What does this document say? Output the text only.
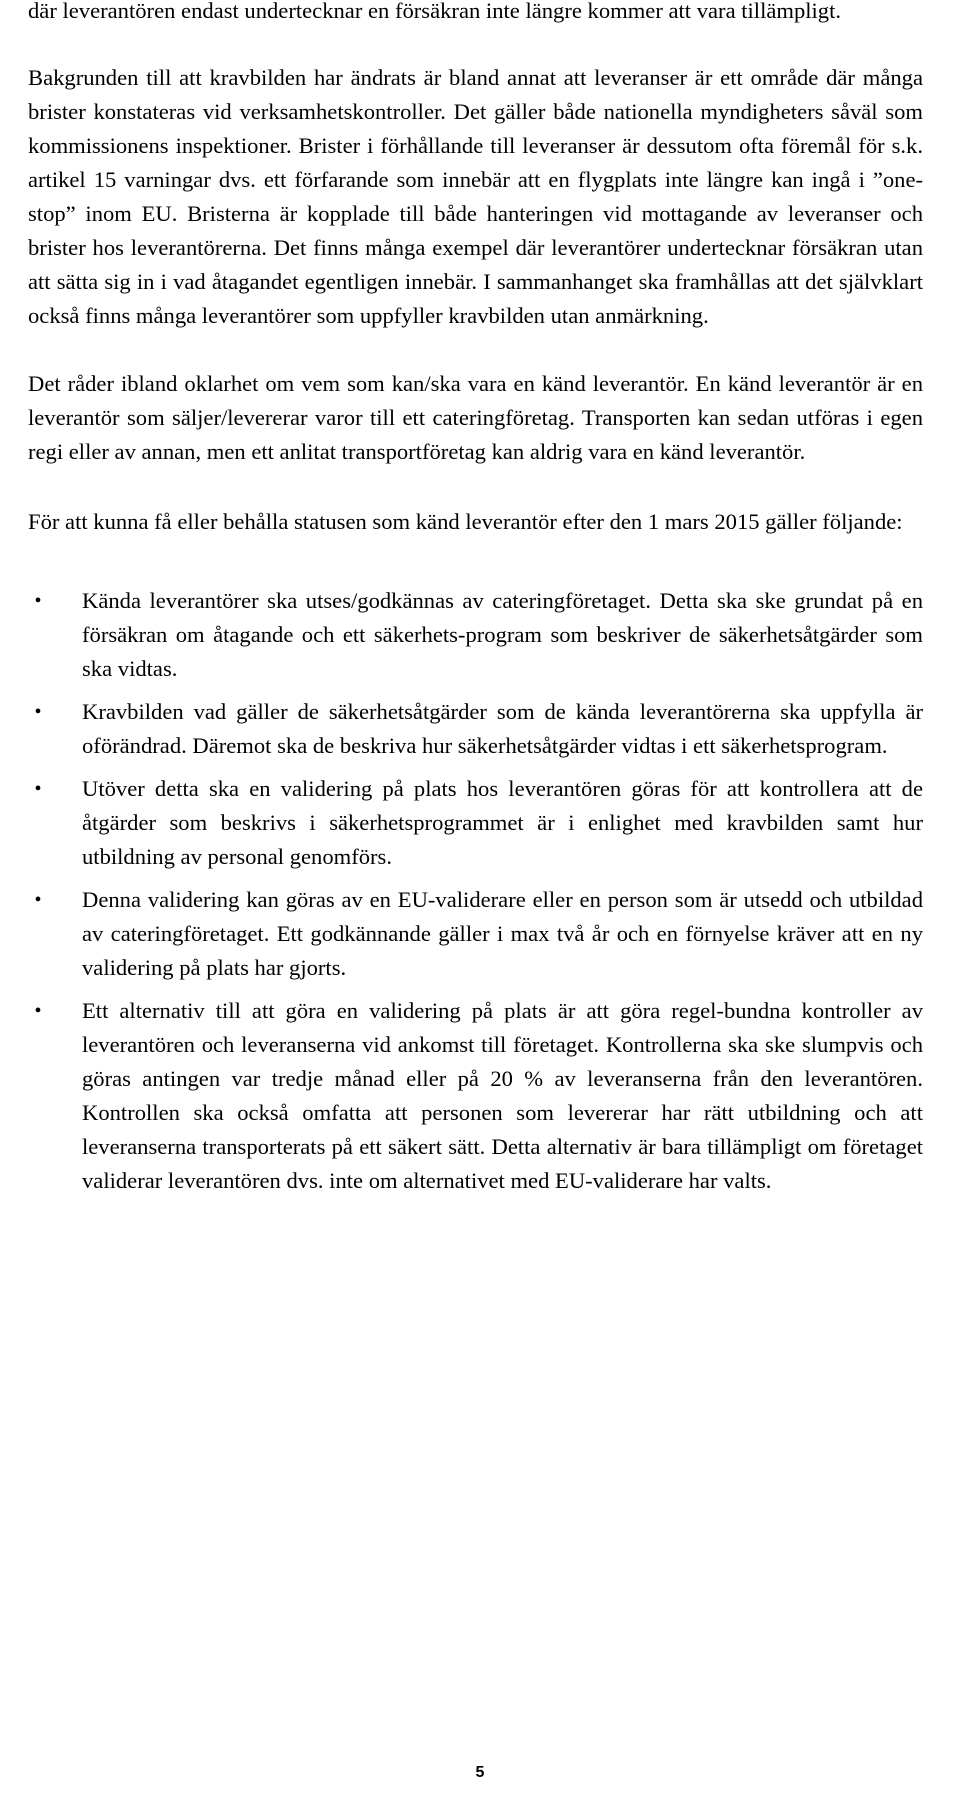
där leverantören endast undertecknar en försäkran inte längre kommer att vara tillämpligt.

Bakgrunden till att kravbilden har ändrats är bland annat att leveranser är ett område där många brister konstateras vid verksamhetskontroller. Det gäller både nationella myndigheters såväl som kommissionens inspektioner. Brister i förhållande till leveranser är dessutom ofta föremål för s.k. artikel 15 varningar dvs. ett förfarande som innebär att en flygplats inte längre kan ingå i ”one-stop” inom EU. Bristerna är kopplade till både hanteringen vid mottagande av leveranser och brister hos leverantörerna. Det finns många exempel där leverantörer undertecknar försäkran utan att sätta sig in i vad åtagandet egentligen innebär. I sammanhanget ska framhållas att det självklart också finns många leverantörer som uppfyller kravbilden utan anmärkning.

Det råder ibland oklarhet om vem som kan/ska vara en känd leverantör. En känd leverantör är en leverantör som säljer/levererar varor till ett cateringföretag. Transporten kan sedan utföras i egen regi eller av annan, men ett anlitat transportföretag kan aldrig vara en känd leverantör.

För att kunna få eller behålla statusen som känd leverantör efter den 1 mars 2015 gäller följande:

• Kända leverantörer ska utses/godkännas av cateringföretaget. Detta ska ske grundat på en försäkran om åtagande och ett säkerhets-program som beskriver de säkerhetsåtgärder som ska vidtas.
• Kravbilden vad gäller de säkerhetsåtgärder som de kända leverantörerna ska uppfylla är oförändrad. Däremot ska de beskriva hur säkerhetsåtgärder vidtas i ett säkerhetsprogram.
• Utöver detta ska en validering på plats hos leverantören göras för att kontrollera att de åtgärder som beskrivs i säkerhetsprogrammet är i enlighet med kravbilden samt hur utbildning av personal genomförs.
• Denna validering kan göras av en EU-validerare eller en person som är utsedd och utbildad av cateringföretaget. Ett godkännande gäller i max två år och en förnyelse kräver att en ny validering på plats har gjorts.
• Ett alternativ till att göra en validering på plats är att göra regel-bundna kontroller av leverantören och leveranserna vid ankomst till företaget. Kontrollerna ska ske slumpvis och göras antingen var tredje månad eller på 20 % av leveranserna från den leverantören. Kontrollen ska också omfatta att personen som levererar har rätt utbildning och att leveranserna transporterats på ett säkert sätt. Detta alternativ är bara tillämpligt om företaget validerar leverantören dvs. inte om alternativet med EU-validerare har valts.
5
